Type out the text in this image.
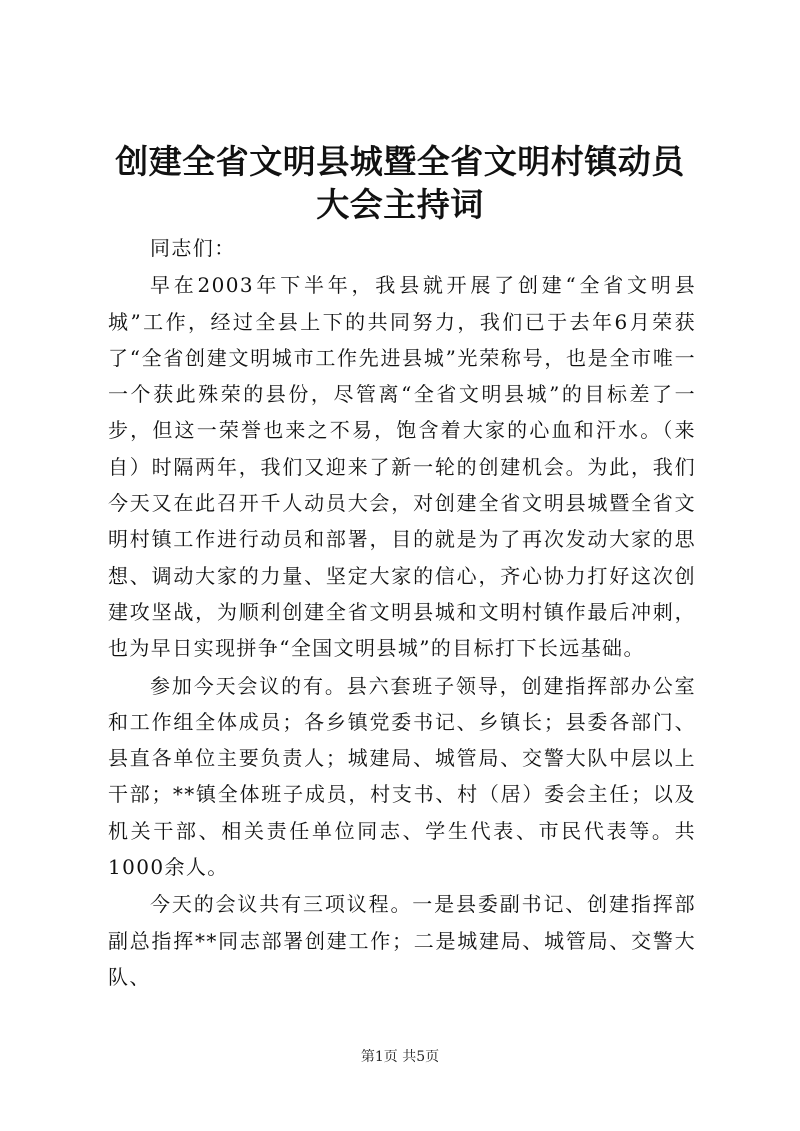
创建全省文明县城暨全省文明村镇动员大会主持词

同志们：

早在2003年下半年，我县就开展了创建“全省文明县城”工作，经过全县上下的共同努力，我们已于去年6月荣获了“全省创建文明城市工作先进县城”光荣称号，也是全市唯一一个获此殊荣的县份，尽管离“全省文明县城”的目标差了一步，但这一荣誉也来之不易，饱含着大家的心血和汗水。（来自）时隔两年，我们又迎来了新一轮的创建机会。为此，我们今天又在此召开千人动员大会，对创建全省文明县城暨全省文明村镇工作进行动员和部署，目的就是为了再次发动大家的思想、调动大家的力量、坚定大家的信心，齐心协力打好这次创建攻坚战，为顺利创建全省文明县城和文明村镇作最后冲刺，也为早日实现拼争“全国文明县城”的目标打下长远基础。

参加今天会议的有。县六套班子领导，创建指挥部办公室和工作组全体成员；各乡镇党委书记、乡镇长；县委各部门、县直各单位主要负责人；城建局、城管局、交警大队中层以上干部；**镇全体班子成员，村支书、村（居）委会主任；以及机关干部、相关责任单位同志、学生代表、市民代表等。共1000余人。

今天的会议共有三项议程。一是县委副书记、创建指挥部副总指挥**同志部署创建工作；二是城建局、城管局、交警大队、

第1页 共5页
